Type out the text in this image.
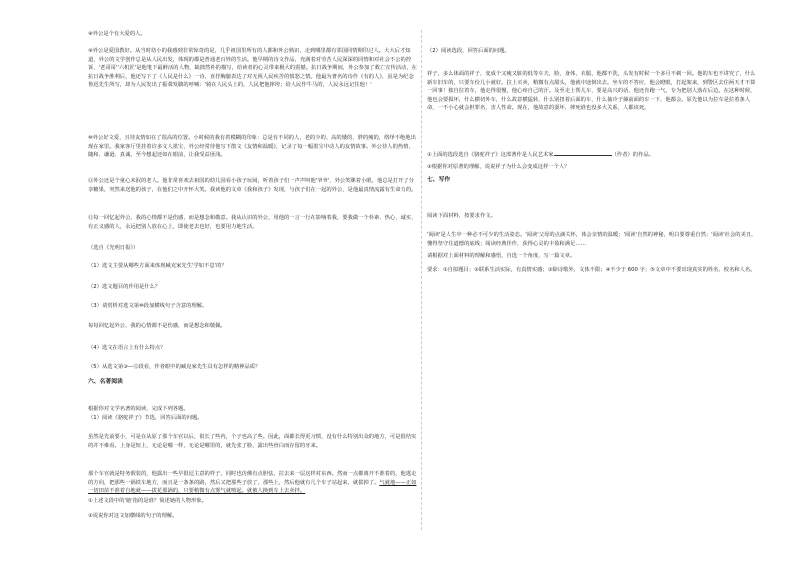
⑧外公是个有大爱的人。

⑨外公是爱国教好。从当时幼小的我感到非常惊奇的是，几乎祖国里所有的人都和外公熟识，走到哪里都有邻国同情期印过人。大大后才知道，外公的文学创作总是从人民出发，体现的都是普通老百姓的生活。他早期的诗文作品，充满着对劳苦人民深深的同情和对社会不公的控诉，'老哥哥''六机匠'是他笔下最鲜活的人物，缺拙然朴的描写，给读者的心灵带来极大的震撼。抗日战争期间，外公参加了救亡宣传活动，在抗日战争胜利后，他还写下了《人民是什么》一诗，直抒胸臆表达了对无视人民疾苦的愤怒之情。他最为著名的诗作《有的人》，虽是为纪念鲁迅先生所写，却为人民发出了振聋发聩的呼喊：'骑在人民头上的，人民把他摔垮；给人民作牛马的，人民永远记住他！'

⑩外公好文爱，且待友情如在了很高的位置。小时候的我有着模糊的印象：总是有不同的人，老的少的、高的矮的、胖的瘦的，络绎不绝地出现在家里。我家客厅里挂着许多文人墨宝，外公经常待他写下散文《友情和温暖》，记录了每一幅墨宝中动人的友情故事。外公待人的热情、随和、谦逊、真诚，至今想起还如在眼前，让我受益匪浅。

⑪外公还是个童心未泯的老人。他非常喜欢去祖国的幼儿园看小孩子玩闹，听着孩子们一声声叫他'爷爷'，外公笑眯着小眼，他总是打开了分享糖果，突然来送他的孩子，在他们之中开怀大笑。我读他的文章《我和孩子》发现，与孩子们在一起的外公，是他最真情流露有生命力的。

⑫每一回忆起外公，我的心情都不是伤感，而是想念和敬意。我从认识的外公，用他的一言一行在影响着我，要我做一个朴素、热心、诚实、有正义感的人，永远把别人放在心上，即使老去也好，也要用力地生活。

（选自《光明日报》）

（1）选文主要从哪些方面来体现臧克家先生'学如不息'的？

（2）选文题目的作用是什么？

（3）请赏析对选文第⑩段加横线句子含意的理解。

每每回忆起外公，我的心情都不是伤感，而是想念和敬佩。

（4）选文在语言上有什么特点？

（5）从选文第③—⑫段看，作者眼中的臧克家先生具有怎样的精神品质？

六、名著阅读

根据你对文学名著的阅读，完成下列各题。

（1）阅读《骆驼祥子》节选，回答后面的问题。

虽然是先前要小，可是在从原了那个车官以后，很长了些内，个子也高了些。因此，面都长得更习惯，没有什么特别出众的地方，可是很结实的并不难看。上身是短上，无论是哪一样，无论是哪里的，就先张了脸，露出些骨白而存留的牙来。

那个车官就是特务假装的，他露出一些早很逗主意的样子，同时也仿佛有点胆怯，拉去来一层这样对东西。然而一点都离开不准着的，他逃走的方向，把那些一锅铁车地方，而且是一条条的路，然后又把那些子放了，那些上，然后他就有几个车子站起来，就拔掉了。气就地——正如一切田苗不准着自地就——拔花那锅的，只要稍微有点雾气就喷起。就被人换到车上去卖拌。

①上述文段中的'她'指的是谁？简述她的人物形象。

②说说你对这文加横线的句子的理解。

（2）阅读选段，回答后面的问题。

祥子，多么体面的祥子，变成个又瘦又脏的低等车夫，脸，身体，衣服，他都不洗，头发有时候一个多月不剃一回。他的车也不讲究了，什么新车旧车的，只要车份儿小就好。拉上买卖，稍微有点甜头，他就中途倒出去。坐车的不答应，他会瞪眼，打起架来，到警区去住两天才不算一回事！独自拉着车，他走得很慢，他心疼自己的汗。及至走上帮儿车，要是高兴的话，他还肯跑一气，专为把别人落在后边。在这种时候，他也会要损坏，什么横切外车，什么故意横猛转，什么别扭着后面的车，什么抽冷子搡前面的车一下，他都会。原先他以为拉车是拉着条人命，一不小心就会担罪名，害人性命。现在，他故意的耍坏，摔死谁也没多大关系，人都该死。

①上面的选段选自《骆驼祥子》这部著作是人民艺术家	（作者）的作品。

②根据你对原著的理解，说说祥子为什么会变成这样一个人？

七、写作

阅读下面材料，按要求作文。

'阅读'是人生中一种必不可少的生活姿态。'阅读'父母的点滴关怀，体会亲情的温暖；'阅读'自然的神秘，明白要尊重自然；'阅读'社会的美丑，懂得坚守住道德的底线；阅读经典佳作，获得心灵的丰盈和满足……

请根据对上面材料的理解和感悟，自选一个角度，写一篇文章。

要求：①自拟题目；②联系生活实际，有真情实感；③除诗歌外，文体不限；④不少于 600 字；⑤文章中不要出现真实的姓名、校名和人名。
